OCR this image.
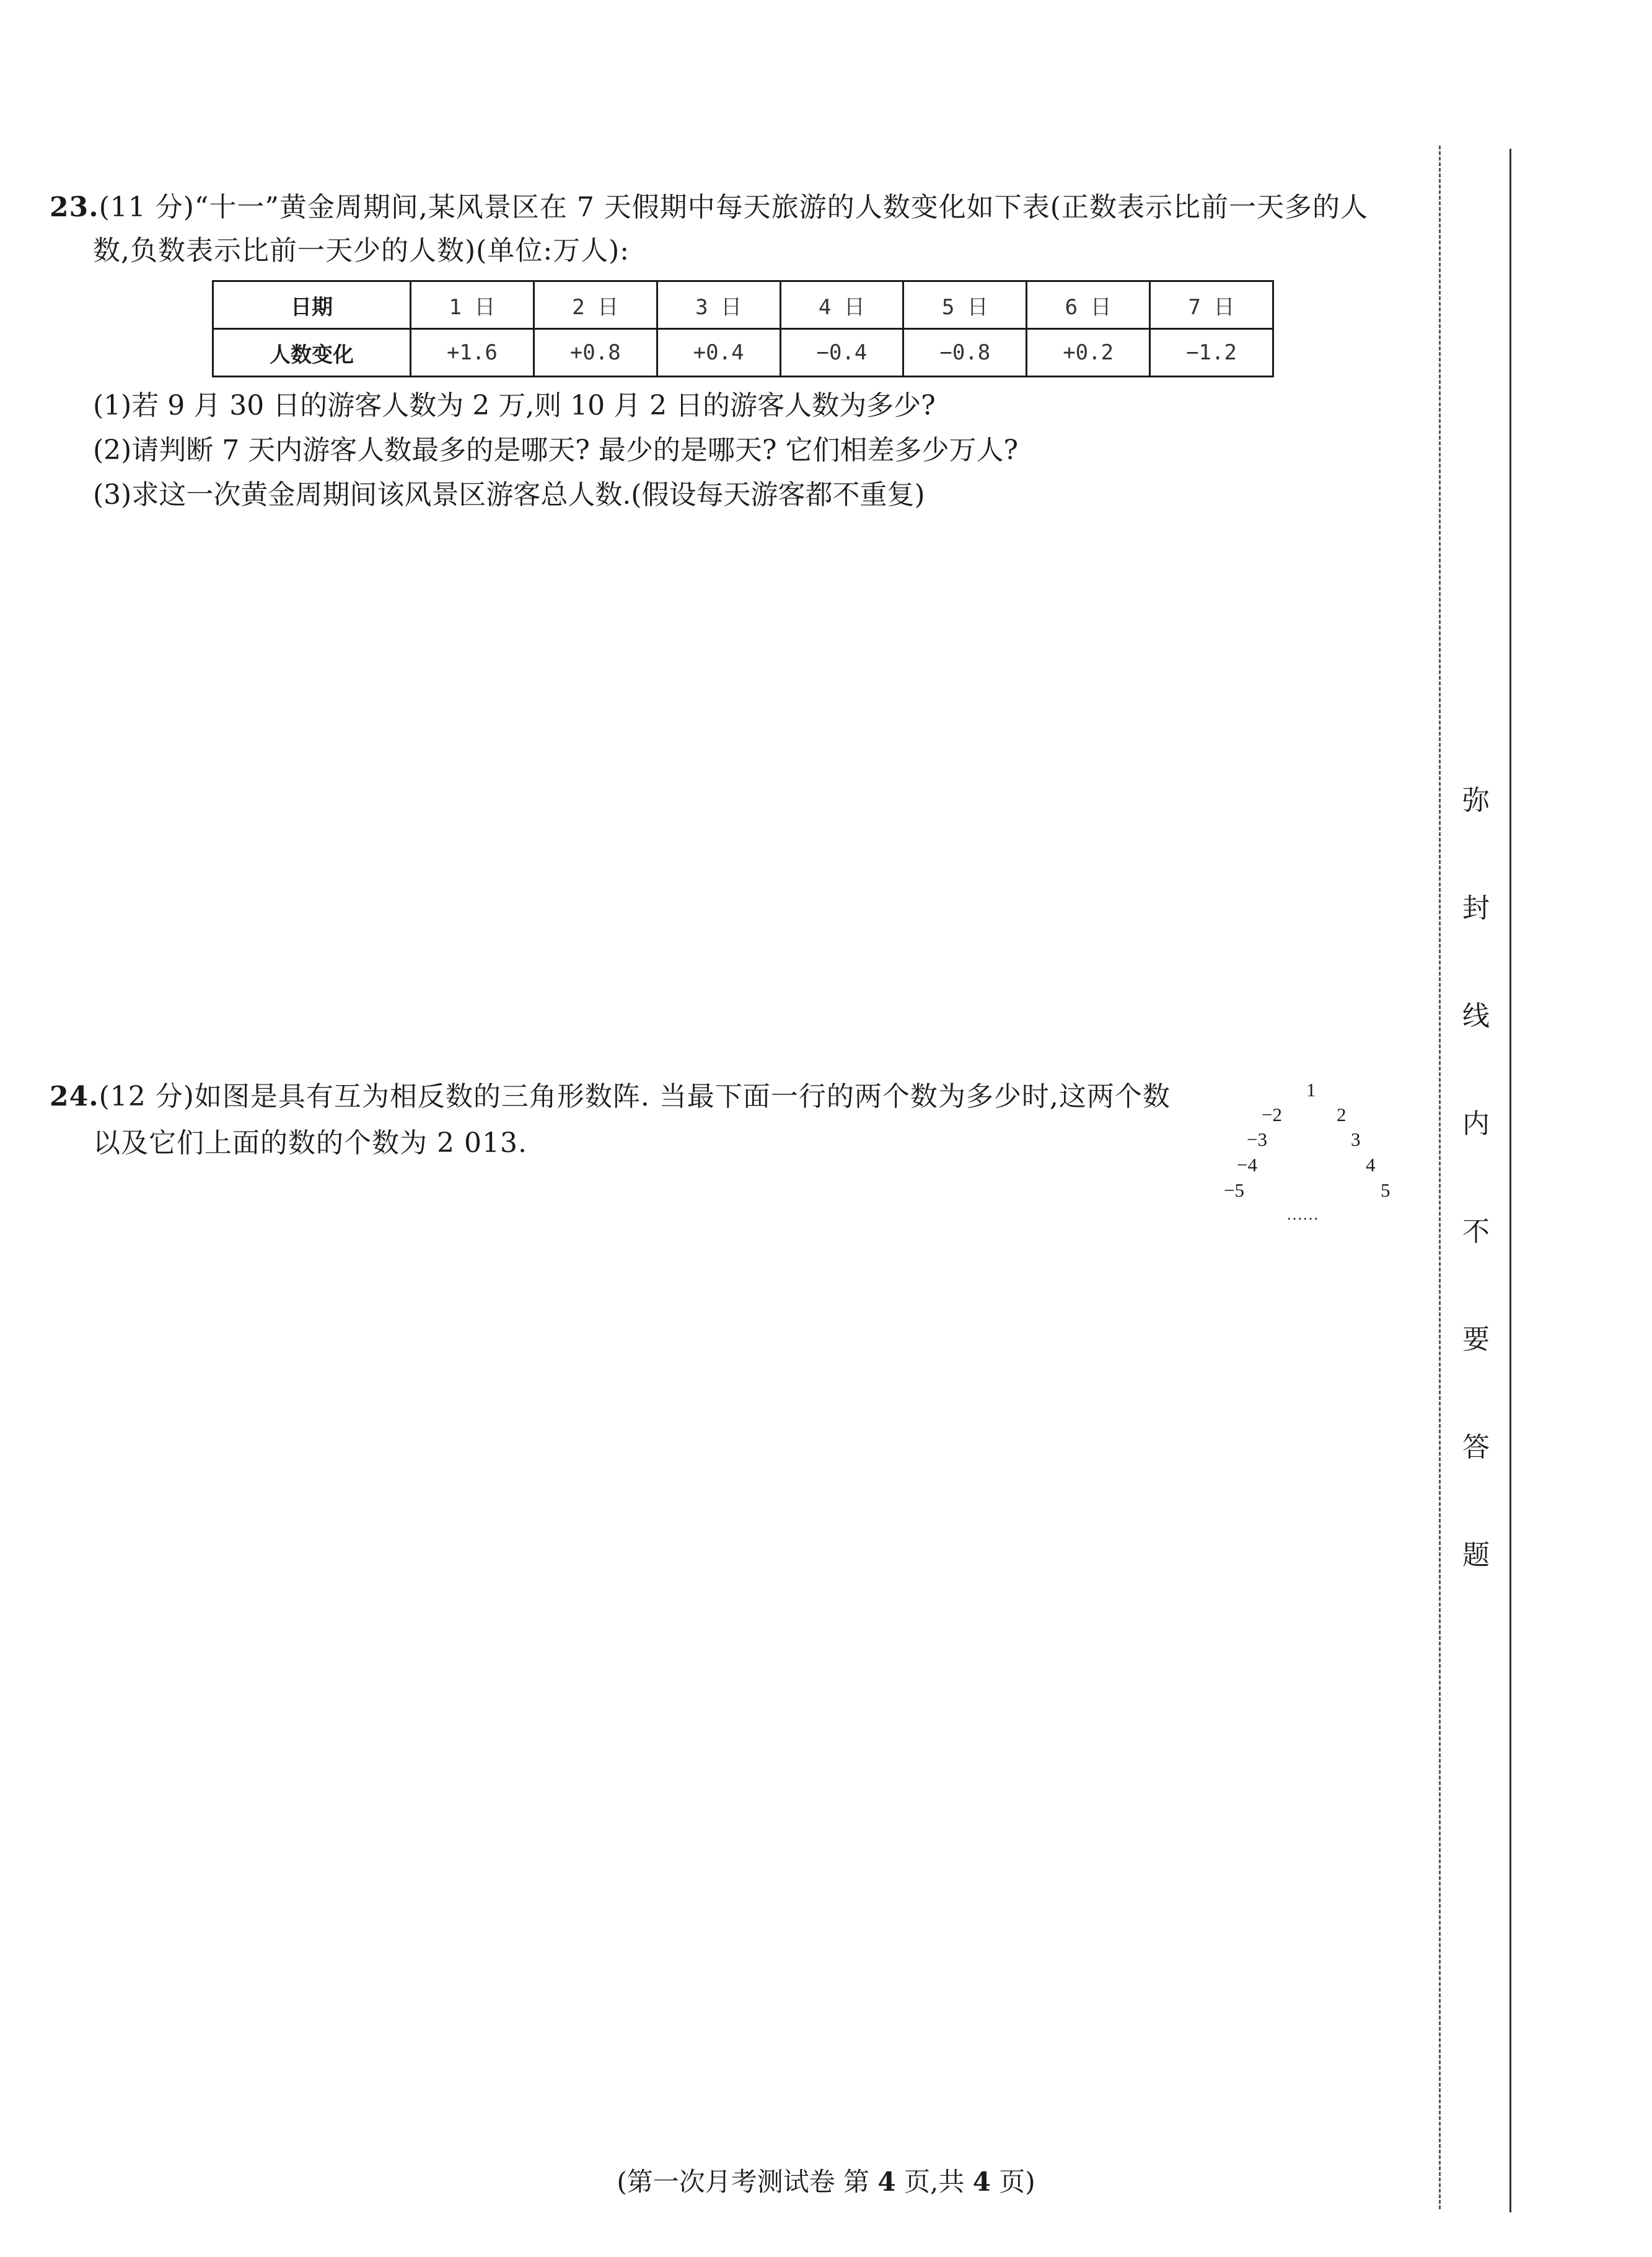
23.(11 分)“十一”黄金周期间,某风景区在 7 天假期中每天旅游的人数变化如下表(正数表示比前一天多的人
数,负数表示比前一天少的人数)(单位:万人):
日期	1 日	2 日	3 日	4 日	5 日	6 日	7 日
人数变化	+1.6	+0.8	+0.4	−0.4	−0.8	+0.2	−1.2
(1)若 9 月 30 日的游客人数为 2 万,则 10 月 2 日的游客人数为多少?
(2)请判断 7 天内游客人数最多的是哪天? 最少的是哪天? 它们相差多少万人?
(3)求这一次黄金周期间该风景区游客总人数.(假设每天游客都不重复)
24.(12 分)如图是具有互为相反数的三角形数阵. 当最下面一行的两个数为多少时,这两个数
以及它们上面的数的个数为 2 013.
1
−2	2
−3	3
−4	4
−5	5
……
弥
封
线
内
不
要
答
题
(第一次月考测试卷 第 4 页,共 4 页)
